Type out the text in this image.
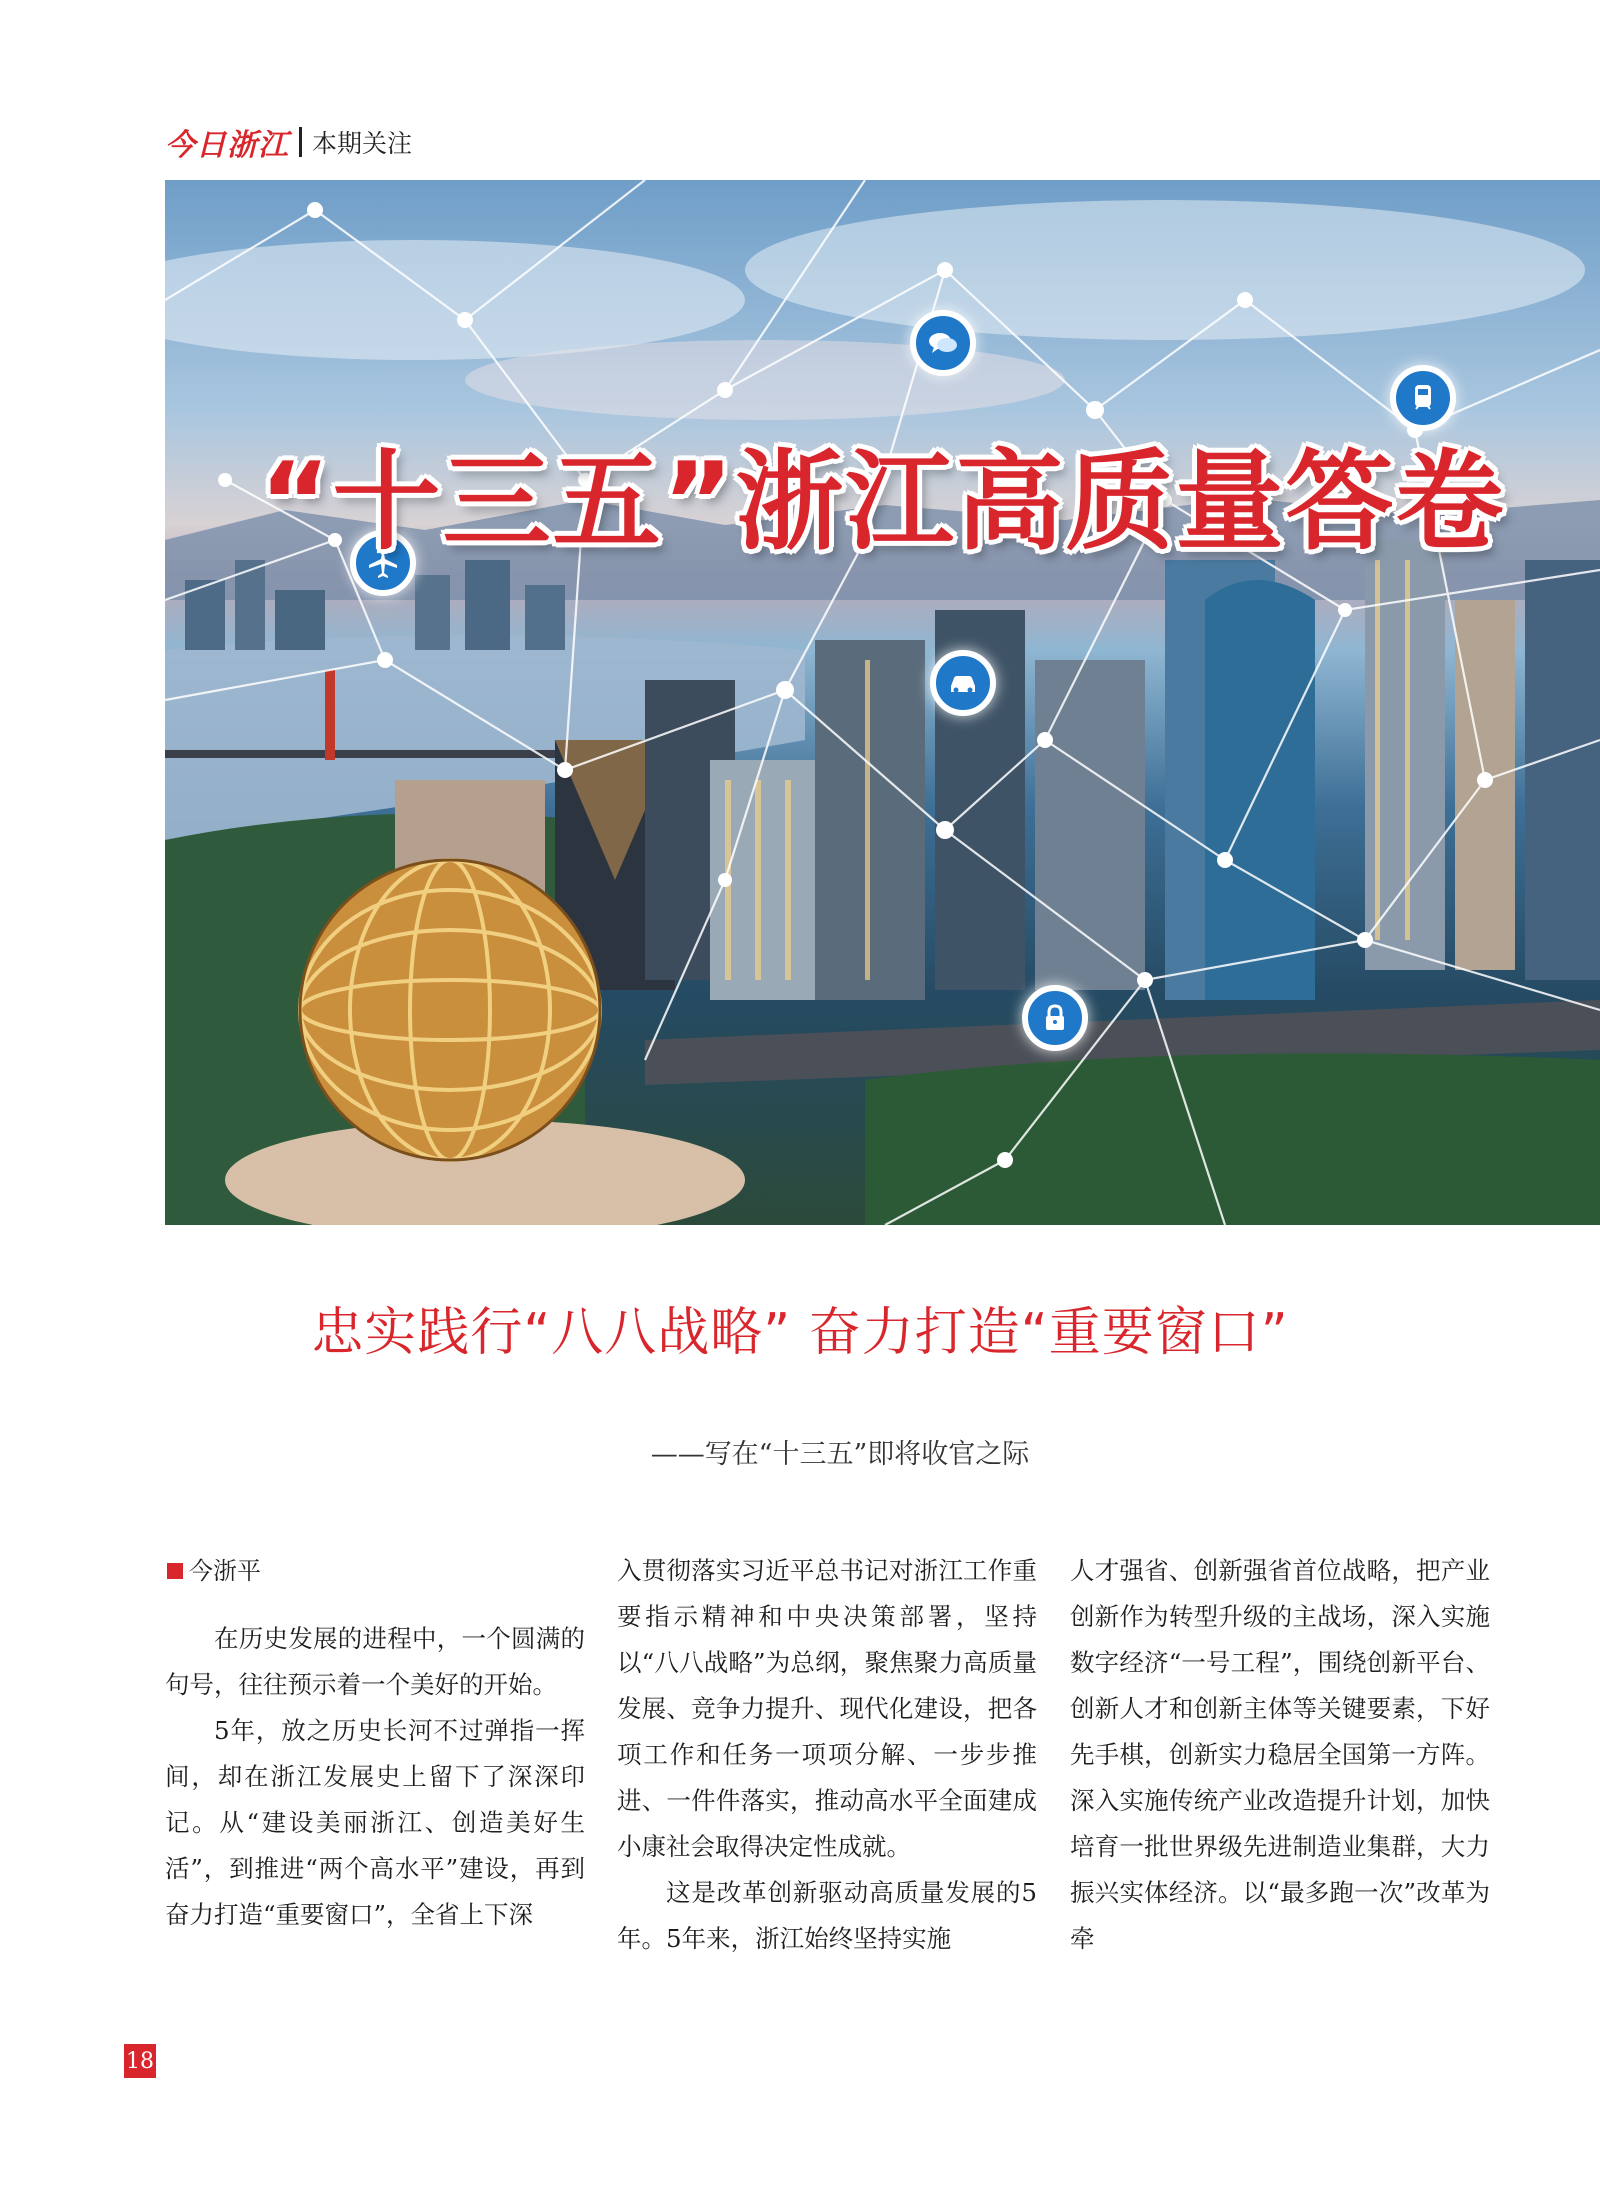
今日浙江 本期关注
“十三五”浙江高质量答卷
忠实践行“八八战略” 奋力打造“重要窗口”
——写在“十三五”即将收官之际
今浙平

在历史发展的进程中，一个圆满的句号，往往预示着一个美好的开始。

5年，放之历史长河不过弹指一挥间，却在浙江发展史上留下了深深印记。从“建设美丽浙江、创造美好生活”，到推进“两个高水平”建设，再到奋力打造“重要窗口”，全省上下深

入贯彻落实习近平总书记对浙江工作重要指示精神和中央决策部署，坚持以“八八战略”为总纲，聚焦聚力高质量发展、竞争力提升、现代化建设，把各项工作和任务一项项分解、一步步推进、一件件落实，推动高水平全面建成小康社会取得决定性成就。

这是改革创新驱动高质量发展的5年。5年来，浙江始终坚持实施

人才强省、创新强省首位战略，把产业创新作为转型升级的主战场，深入实施数字经济“一号工程”，围绕创新平台、创新人才和创新主体等关键要素，下好先手棋，创新实力稳居全国第一方阵。深入实施传统产业改造提升计划，加快培育一批世界级先进制造业集群，大力振兴实体经济。以“最多跑一次”改革为牵

18
